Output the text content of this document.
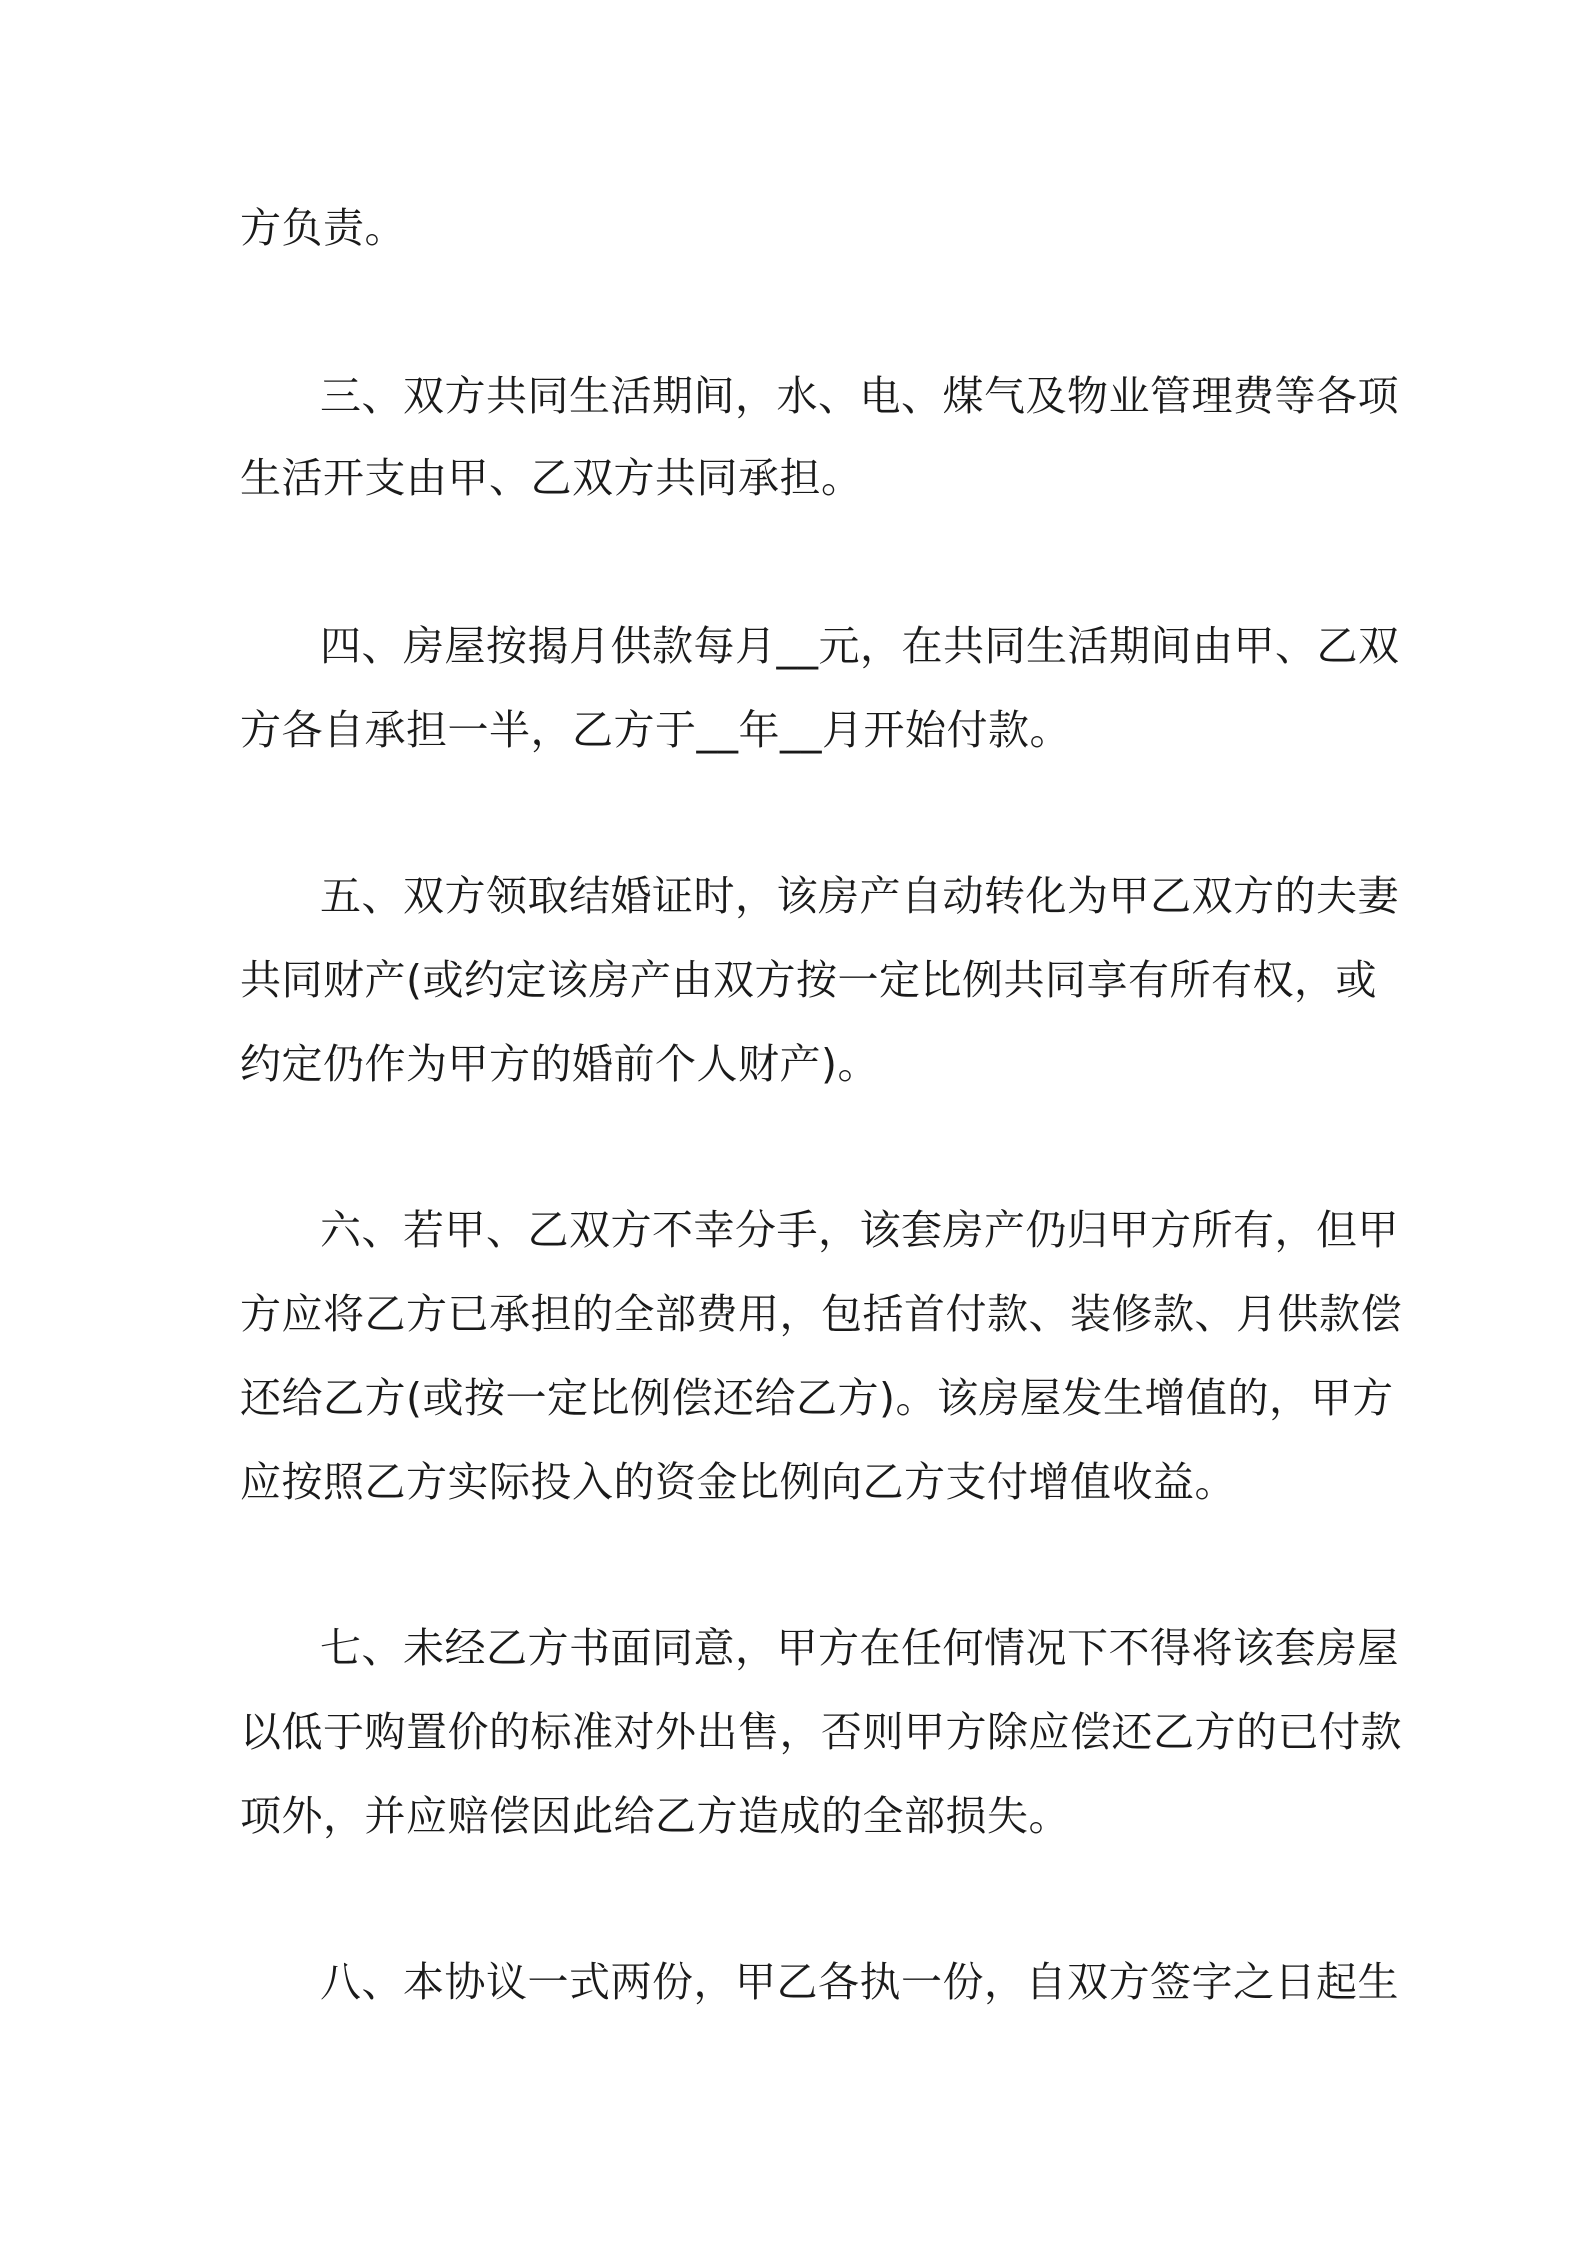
方负责。
三、双方共同生活期间，水、电、煤气及物业管理费等各项
生活开支由甲、乙双方共同承担。
四、房屋按揭月供款每月__元，在共同生活期间由甲、乙双
方各自承担一半，乙方于__年__月开始付款。
五、双方领取结婚证时，该房产自动转化为甲乙双方的夫妻
共同财产(或约定该房产由双方按一定比例共同享有所有权，或
约定仍作为甲方的婚前个人财产)。
六、若甲、乙双方不幸分手，该套房产仍归甲方所有，但甲
方应将乙方已承担的全部费用，包括首付款、装修款、月供款偿
还给乙方(或按一定比例偿还给乙方)。该房屋发生增值的，甲方
应按照乙方实际投入的资金比例向乙方支付增值收益。
七、未经乙方书面同意，甲方在任何情况下不得将该套房屋
以低于购置价的标准对外出售，否则甲方除应偿还乙方的已付款
项外，并应赔偿因此给乙方造成的全部损失。
八、本协议一式两份，甲乙各执一份，自双方签字之日起生
